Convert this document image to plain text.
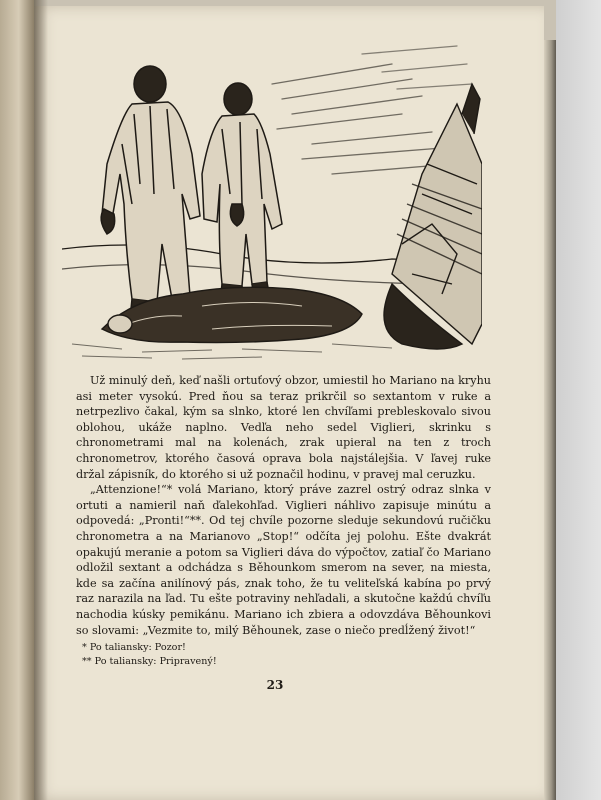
Už minulý deň, keď našli ortuťový obzor, umiestil ho Mariano na kryhu asi meter vysokú. Pred ňou sa teraz prikrčil so sextantom v ruke a netrpezlivo čakal, kým sa slnko, ktoré len chvíľami prebleskovalo sivou oblohou, ukáže naplno. Vedľa neho sedel Viglieri, skrinku s chronometrami mal na kolenách, zrak upieral na ten z troch chronometrov, ktorého časová oprava bola najstálejšia. V ľavej ruke držal zápisník, do ktorého si už poznačil hodinu, v pravej mal ceruzku.

„Attenzione!“* volá Mariano, ktorý práve zazrel ostrý odraz slnka v ortuti a namieril naň ďalekohľad. Viglieri náhlivo zapisuje minútu a odpovedá: „Pronti!“**. Od tej chvíle pozorne sleduje sekundovú ručičku chronometra a na Marianovo „Stop!“ odčíta jej polohu. Ešte dvakrát opakujú meranie a potom sa Viglieri dáva do výpočtov, zatiaľ čo Mariano odložil sextant a odchádza s Běhounkom smerom na sever, na miesta, kde sa začína anilínový pás, znak toho, že tu veliteľská kabína po prvý raz narazila na ľad. Tu ešte potraviny nehľadali, a skutočne každú chvíľu nachodia kúsky pemikánu. Mariano ich zbiera a odovzdáva Běhounkovi so slovami: „Vezmite to, milý Běhounek, zase o niečo predĺžený život!“

* Po taliansky: Pozor!
** Po taliansky: Pripravený!
23
